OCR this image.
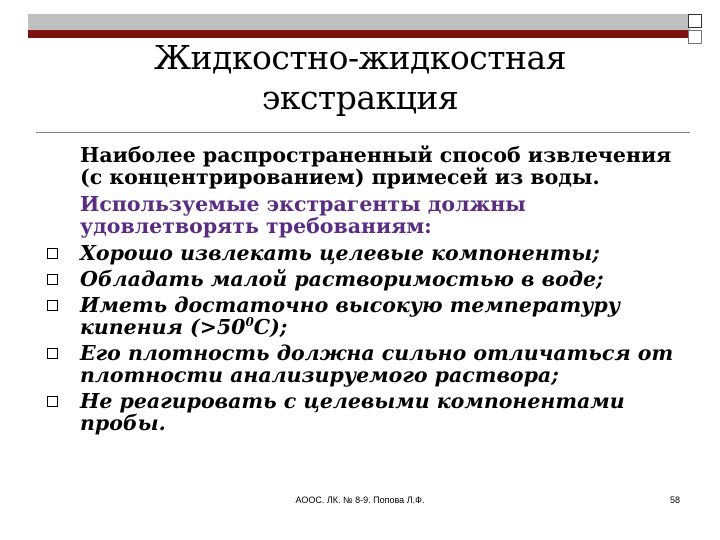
Жидкостно-жидкостная экстракция

Наиболее распространенный способ извлечения (с концентрированием) примесей из воды.

Используемые экстрагенты должны удовлетворять требованиям:

Хорошо извлекать целевые компоненты;
Обладать малой растворимостью в воде;
Иметь достаточно высокую температуру кипения $(>50^0С)$;
Его плотность должна сильно отличаться от плотности анализируемого раствора;
Не реагировать с целевыми компонентами пробы.
АООС. ЛК. № 8-9. Попова Л.Ф.	58
